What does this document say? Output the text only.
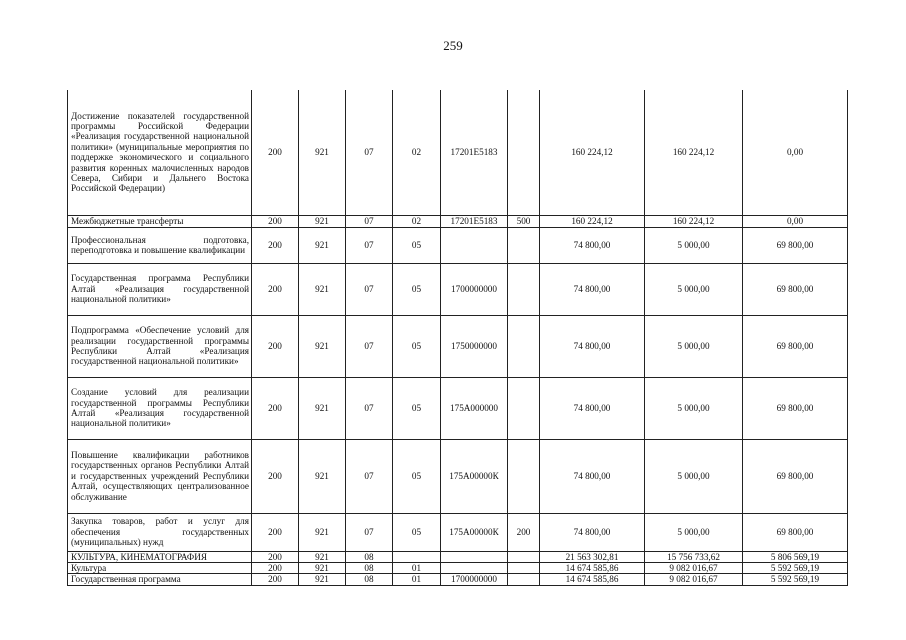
259
Достижение показателей государственной программы Российской Федерации «Реализация государственной национальной политики» (муниципальные мероприятия по поддержке экономического и социального развития коренных малочисленных народов Севера, Сибири и Дальнего Востока Российской Федерации)	200	921	07	02	17201E5183		160 224,12	160 224,12	0,00
Межбюджетные трансферты	200	921	07	02	17201E5183	500	160 224,12	160 224,12	0,00
Профессиональная подготовка, переподготовка и повышение квалификации	200	921	07	05			74 800,00	5 000,00	69 800,00
Государственная программа Республики Алтай «Реализация государственной национальной политики»	200	921	07	05	1700000000		74 800,00	5 000,00	69 800,00
Подпрограмма «Обеспечение условий для реализации государственной программы Республики Алтай «Реализация государственной национальной политики»	200	921	07	05	1750000000		74 800,00	5 000,00	69 800,00
Создание условий для реализации государственной программы Республики Алтай «Реализация государственной национальной политики»	200	921	07	05	175А000000		74 800,00	5 000,00	69 800,00
Повышение квалификации работников государственных органов Республики Алтай и государственных учреждений Республики Алтай, осуществляющих централизованное обслуживание	200	921	07	05	175А00000К		74 800,00	5 000,00	69 800,00
Закупка товаров, работ и услуг для обеспечения государственных (муниципальных) нужд	200	921	07	05	175А00000К	200	74 800,00	5 000,00	69 800,00
КУЛЬТУРА, КИНЕМАТОГРАФИЯ	200	921	08				21 563 302,81	15 756 733,62	5 806 569,19
Культура	200	921	08	01			14 674 585,86	9 082 016,67	5 592 569,19
Государственная программа	200	921	08	01	1700000000		14 674 585,86	9 082 016,67	5 592 569,19
